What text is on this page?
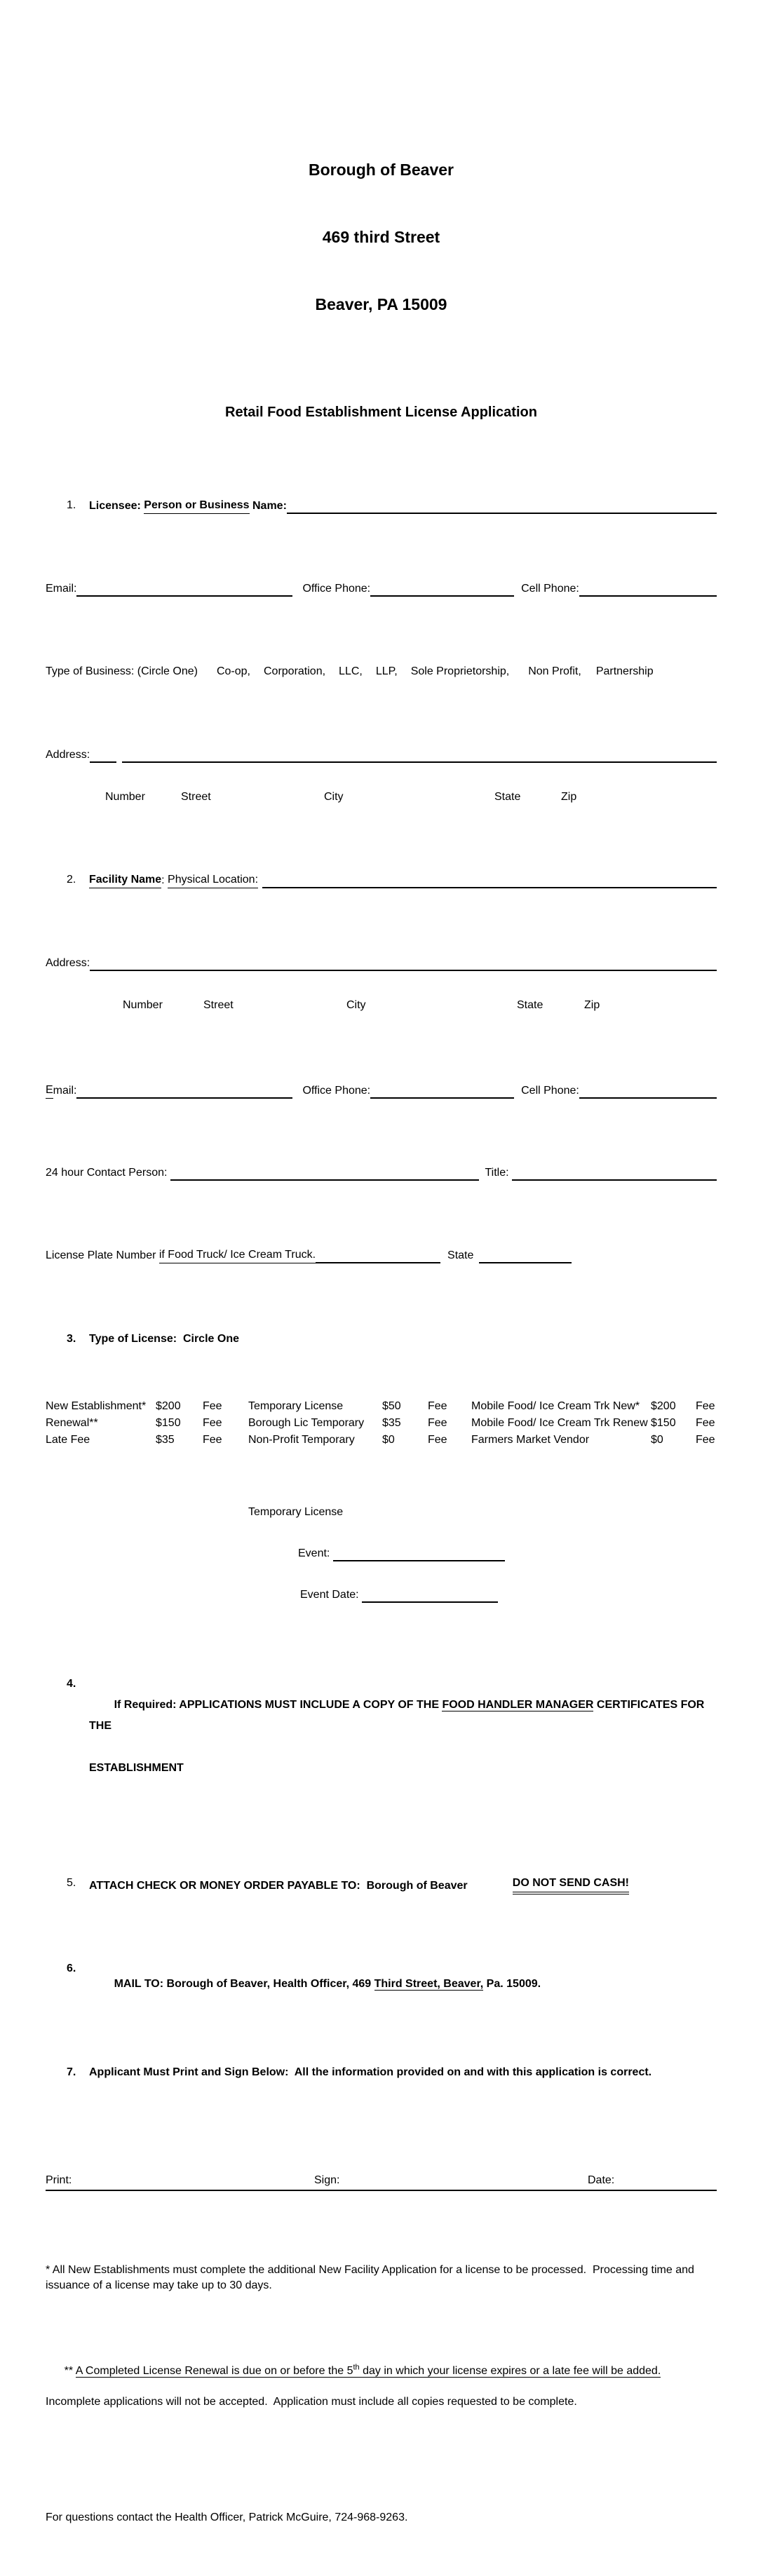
Borough of Beaver

469 third Street

Beaver, PA 15009

Retail Food Establishment License Application

1.	Licensee: Person or Business Name:

Email:	Office Phone:	Cell Phone:

Type of Business: (Circle One) Co-op, Corporation, LLC, LLP, Sole Proprietorship, Non Profit, Partnership

Address:

Number

	Street

	City

	State

	Zip

2.	Facility Name : Physical Location:

Address:

Number

	Street

	City

	State

	Zip

E mail:	Office Phone:	Cell Phone:

24 hour Contact Person:	Title:

License Plate Number if Food Truck/ Ice Cream Truck.	State

3.	Type of License:  Circle One

New Establishment* $200	Fee	Temporary License	$50	Fee	Mobile Food/ Ice Cream Trk New* $200	Fee
Renewal**	$150	Fee	Borough Lic Temporary	$35	Fee	Mobile Food/ Ice Cream Trk Renew $150	Fee
Late Fee	$35	Fee	Non-Profit Temporary	$0	Fee	Farmers Market Vendor	$0	Fee

Temporary License

Event:

Event Date:

4.

If Required: APPLICATIONS MUST INCLUDE A COPY OF THE FOOD HANDLER MANAGER CERTIFICATES FOR THE

ESTABLISHMENT

5.	ATTACH CHECK OR MONEY ORDER PAYABLE TO:  Borough of Beaver	DO NOT SEND CASH!

6.

MAIL TO: Borough of Beaver, Health Officer, 469 Third Street, Beaver, Pa. 15009.

7.	Applicant Must Print and Sign Below:  All the information provided on and with this application is correct.

Print:

	Sign:

	Date:

* All New Establishments must complete the additional New Facility Application for a license to be processed.  Processing time and issuance of a license may take up to 30 days.

** A Completed License Renewal is due on or before the 5th day in which your license expires or a late fee will be added.

Incomplete applications will not be accepted.  Application must include all copies requested to be complete.

For questions contact the Health Officer, Patrick McGuire, 724-968-9263.
